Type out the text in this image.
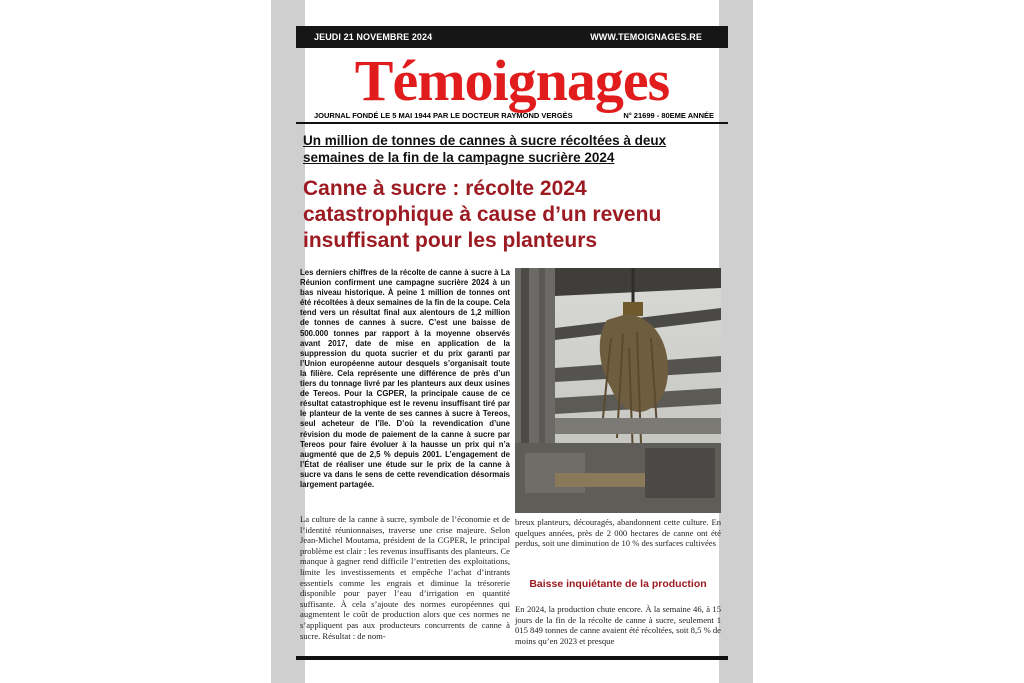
JEUDI 21 NOVEMBRE 2024	WWW.TEMOIGNAGES.RE
Témoignages
JOURNAL FONDÉ LE 5 MAI 1944 PAR LE DOCTEUR RAYMOND VERGÈS	N° 21699 - 80EME ANNÉE
Un million de tonnes de cannes à sucre récoltées à deux semaines de la fin de la campagne sucrière 2024
Canne à sucre : récolte 2024 catastrophique à cause d’un revenu insuffisant pour les planteurs
Les derniers chiffres de la récolte de canne à sucre à La Réunion confirment une campagne sucrière 2024 à un bas niveau historique. À peine 1 million de tonnes ont été récoltées à deux semaines de la fin de la coupe. Cela tend vers un résultat final aux alentours de 1,2 million de tonnes de cannes à sucre. C’est une baisse de 500.000 tonnes par rapport à la moyenne observés avant 2017, date de mise en application de la suppression du quota sucrier et du prix garanti par l’Union européenne autour desquels s’organisait toute la filière. Cela représente une différence de près d’un tiers du tonnage livré par les planteurs aux deux usines de Tereos. Pour la CGPER, la principale cause de ce résultat catastrophique est le revenu insuffisant tiré par le planteur de la vente de ses cannes à sucre à Tereos, seul acheteur de l’île. D’où la revendication d’une révision du mode de paiement de la canne à sucre par Tereos pour faire évoluer à la hausse un prix qui n’a augmenté que de 2,5 % depuis 2001. L’engagement de l’État de réaliser une étude sur le prix de la canne à sucre va dans le sens de cette revendication désormais largement partagée.
La culture de la canne à sucre, symbole de l’économie et de l’identité réunionnaises, traverse une crise majeure. Selon Jean-Michel Moutama, président de la CGPER, le principal problème est clair : les revenus insuffisants des planteurs. Ce manque à gagner rend difficile l’entretien des exploitations, limite les investissements et empêche l’achat d’intrants essentiels comme les engrais et diminue la trésorerie disponible pour payer l’eau d’irrigation en quantité suffisante. À cela s’ajoute des normes européennes qui augmentent le coût de production alors que ces normes ne s’appliquent pas aux producteurs concurrents de canne à sucre. Résultat : de nom-
breux planteurs, découragés, abandonnent cette culture. En quelques années, près de 2 000 hectares de canne ont été perdus, soit une diminution de 10 % des surfaces cultivées
Baisse inquiétante de la production
En 2024, la production chute encore. À la semaine 46, à 15 jours de la fin de la récolte de canne à sucre, seulement 1 015 849 tonnes de canne avaient été récoltées, soit 8,5 % de moins qu’en 2023 et presque
